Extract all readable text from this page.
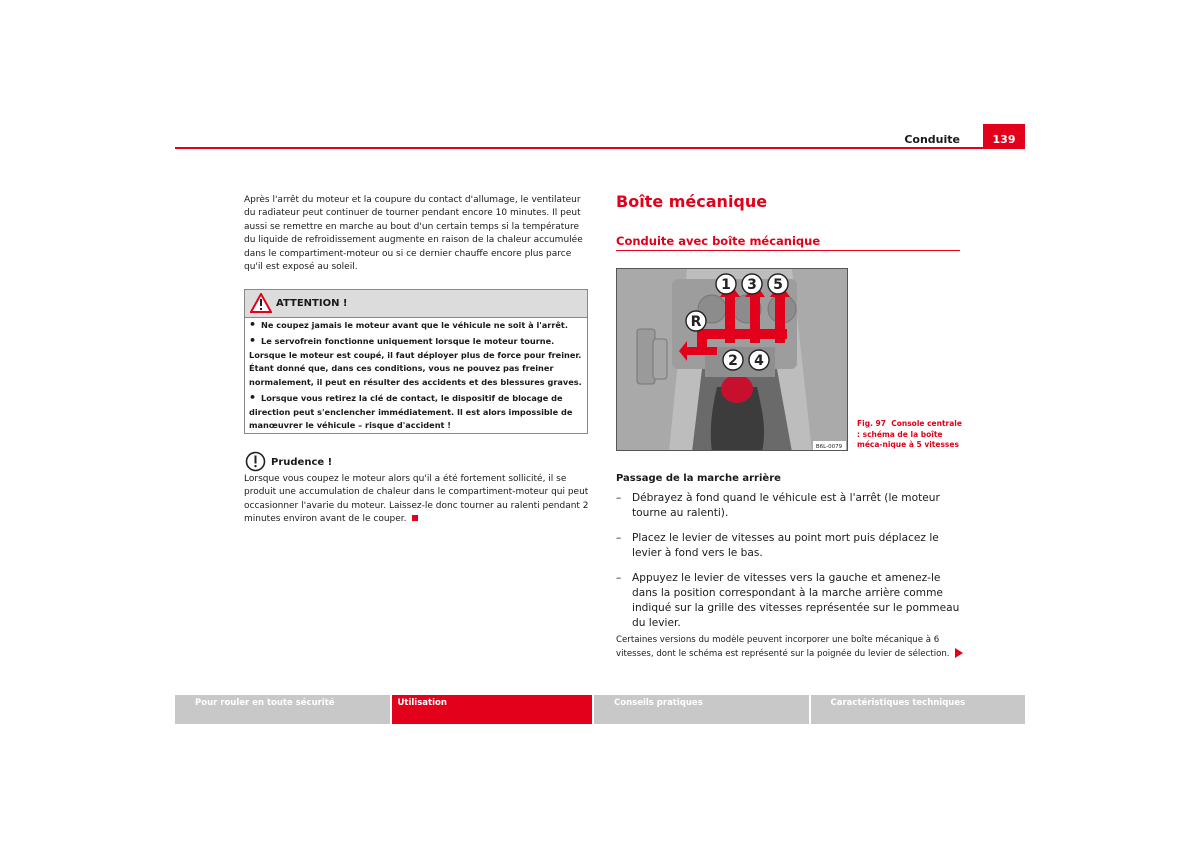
Conduite	139
Après l'arrêt du moteur et la coupure du contact d'allumage, le ventilateur du radiateur peut continuer de tourner pendant encore 10 minutes. Il peut aussi se remettre en marche au bout d'un certain temps si la température du liquide de refroidissement augmente en raison de la chaleur accumulée dans le compartiment-moteur ou si ce dernier chauffe encore plus parce qu'il est exposé au soleil.
ATTENTION !
• Ne coupez jamais le moteur avant que le véhicule ne soit à l'arrêt.
• Le servofrein fonctionne uniquement lorsque le moteur tourne. Lorsque le moteur est coupé, il faut déployer plus de force pour freiner. Étant donné que, dans ces conditions, vous ne pouvez pas freiner normalement, il peut en résulter des accidents et des blessures graves.
• Lorsque vous retirez la clé de contact, le dispositif de blocage de direction peut s'enclencher immédiatement. Il est alors impossible de manœuvrer le véhicule – risque d'accident !
Prudence !
Lorsque vous coupez le moteur alors qu'il a été fortement sollicité, il se produit une accumulation de chaleur dans le compartiment-moteur qui peut occasionner l'avarie du moteur. Laissez-le donc tourner au ralenti pendant 2 minutes environ avant de le couper.
Boîte mécanique
Conduite avec boîte mécanique
1 3 5
R
2 4
B6L-0079
Fig. 97 Console centrale : schéma de la boîte méca-nique à 5 vitesses
Passage de la marche arrière
– Débrayez à fond quand le véhicule est à l'arrêt (le moteur tourne au ralenti).
– Placez le levier de vitesses au point mort puis déplacez le levier à fond vers le bas.
– Appuyez le levier de vitesses vers la gauche et amenez-le dans la position correspondant à la marche arrière comme indiqué sur la grille des vitesses représentée sur le pommeau du levier.
Certaines versions du modèle peuvent incorporer une boîte mécanique à 6 vitesses, dont le schéma est représenté sur la poignée du levier de sélection.
Pour rouler en toute sécurité	Utilisation	Conseils pratiques	Caractéristiques techniques
